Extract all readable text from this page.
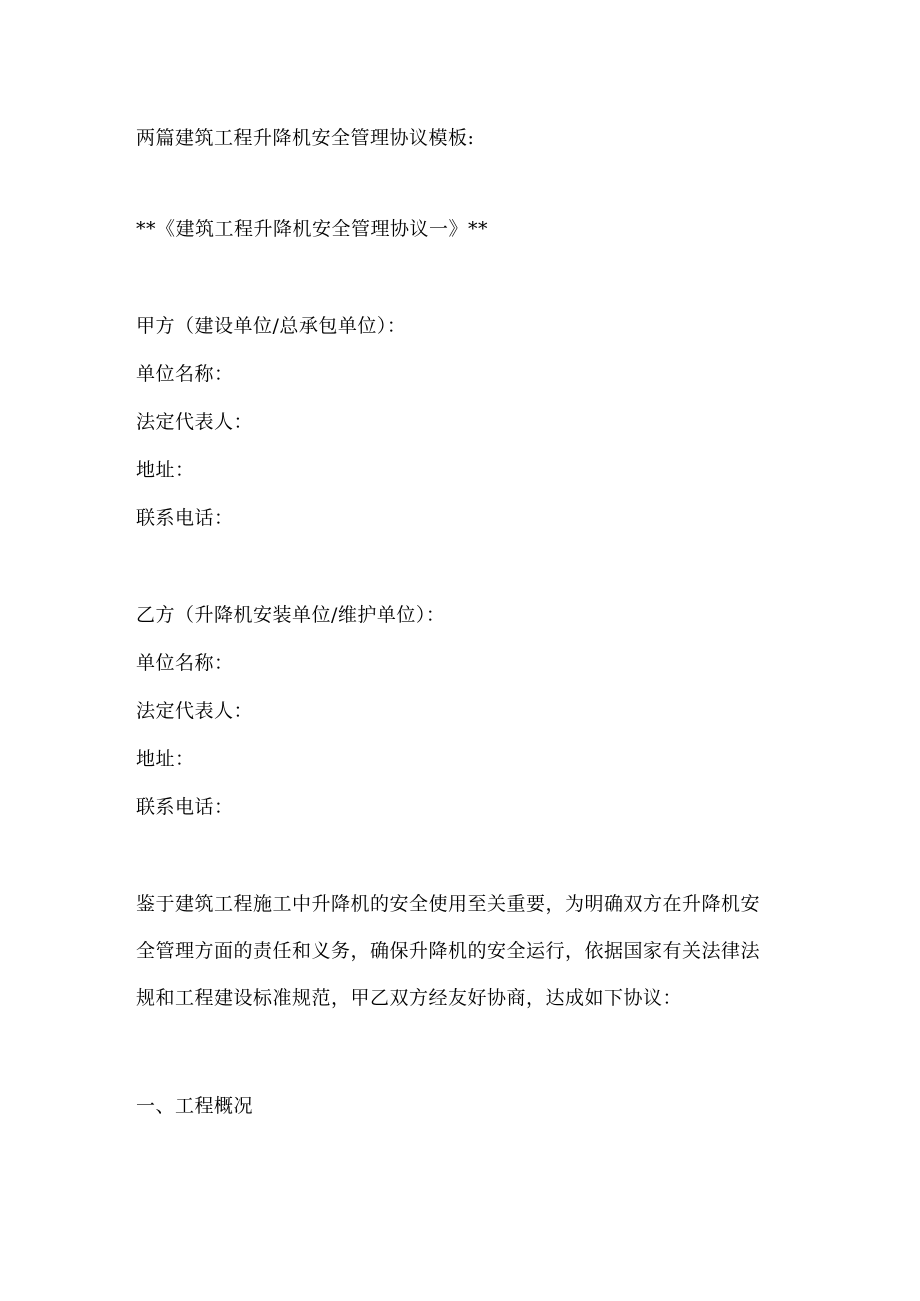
两篇建筑工程升降机安全管理协议模板:
**《建筑工程升降机安全管理协议一》**
甲方（建设单位/总承包单位）：
单位名称：
法定代表人：
地址：
联系电话：
乙方（升降机安装单位/维护单位）：
单位名称：
法定代表人：
地址：
联系电话：
鉴于建筑工程施工中升降机的安全使用至关重要，为明确双方在升降机安
全管理方面的责任和义务，确保升降机的安全运行，依据国家有关法律法
规和工程建设标准规范，甲乙双方经友好协商，达成如下协议：
一、工程概况
